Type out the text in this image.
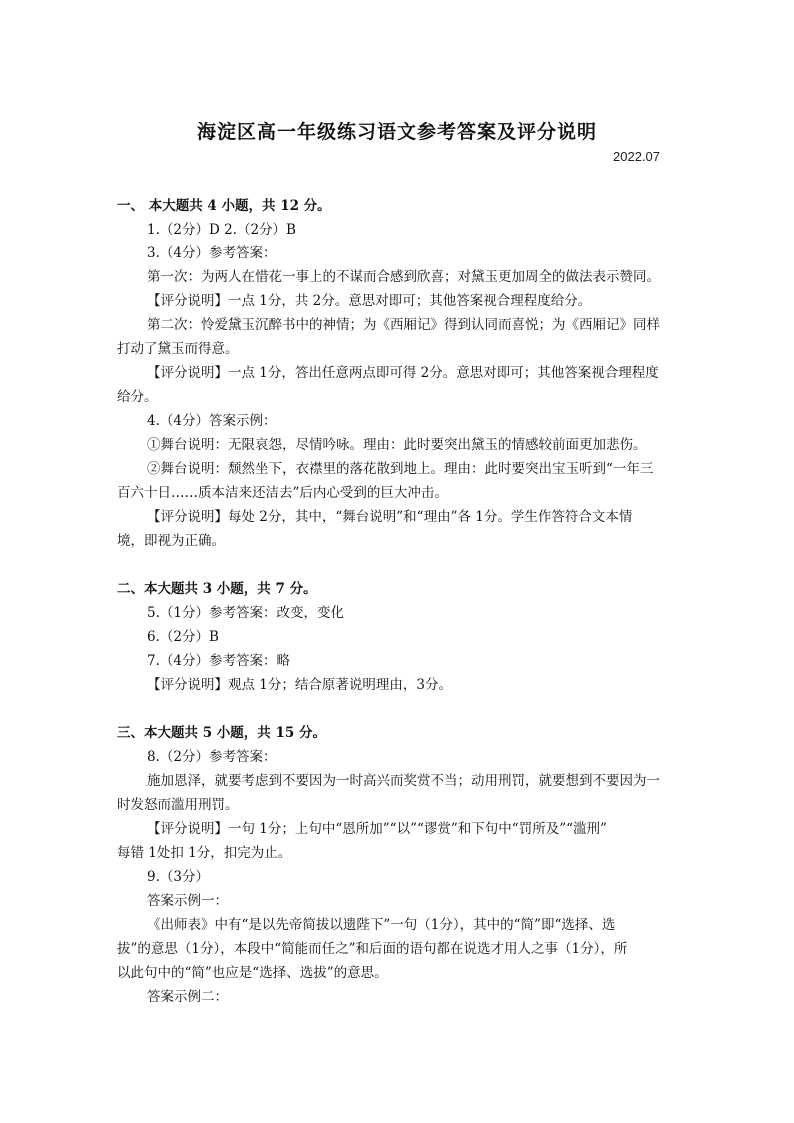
海淀区高一年级练习语文参考答案及评分说明
2022.07
一、 本大题共 4 小题，共 12 分。
1.（2分）D 2.（2分）B
3.（4分）参考答案：
第一次：为两人在惜花一事上的不谋而合感到欣喜；对黛玉更加周全的做法表示赞同。
【评分说明】一点 1分，共 2分。意思对即可；其他答案视合理程度给分。
第二次：怜爱黛玉沉醉书中的神情；为《西厢记》得到认同而喜悦；为《西厢记》同样
打动了黛玉而得意。
【评分说明】一点 1分，答出任意两点即可得 2分。意思对即可；其他答案视合理程度
给分。
4.（4分）答案示例：
①舞台说明：无限哀怨，尽情吟咏。理由：此时要突出黛玉的情感较前面更加悲伤。
②舞台说明：颓然坐下，衣襟里的落花散到地上。理由：此时要突出宝玉听到“一年三
百六十日……质本洁来还洁去”后内心受到的巨大冲击。
【评分说明】每处 2分，其中，“舞台说明”和“理由”各 1分。学生作答符合文本情
境，即视为正确。
二、本大题共 3 小题，共 7 分。
5.（1分）参考答案：改变，变化
6.（2分）B
7.（4分）参考答案：略
【评分说明】观点 1分；结合原著说明理由，3分。
三、本大题共 5 小题，共 15 分。
8.（2分）参考答案：
施加恩泽，就要考虑到不要因为一时高兴而奖赏不当；动用刑罚，就要想到不要因为一
时发怒而滥用刑罚。
【评分说明】一句 1分；上句中“恩所加”“以”“谬赏”和下句中“罚所及”“滥刑”
每错 1处扣 1分，扣完为止。
9.（3分）
答案示例一：
《出师表》中有“是以先帝简拔以遗陛下”一句（1分），其中的“简”即“选择、选
拔”的意思（1分），本段中“简能而任之”和后面的语句都在说选才用人之事（1分），所
以此句中的“简”也应是“选择、选拔”的意思。
答案示例二：
